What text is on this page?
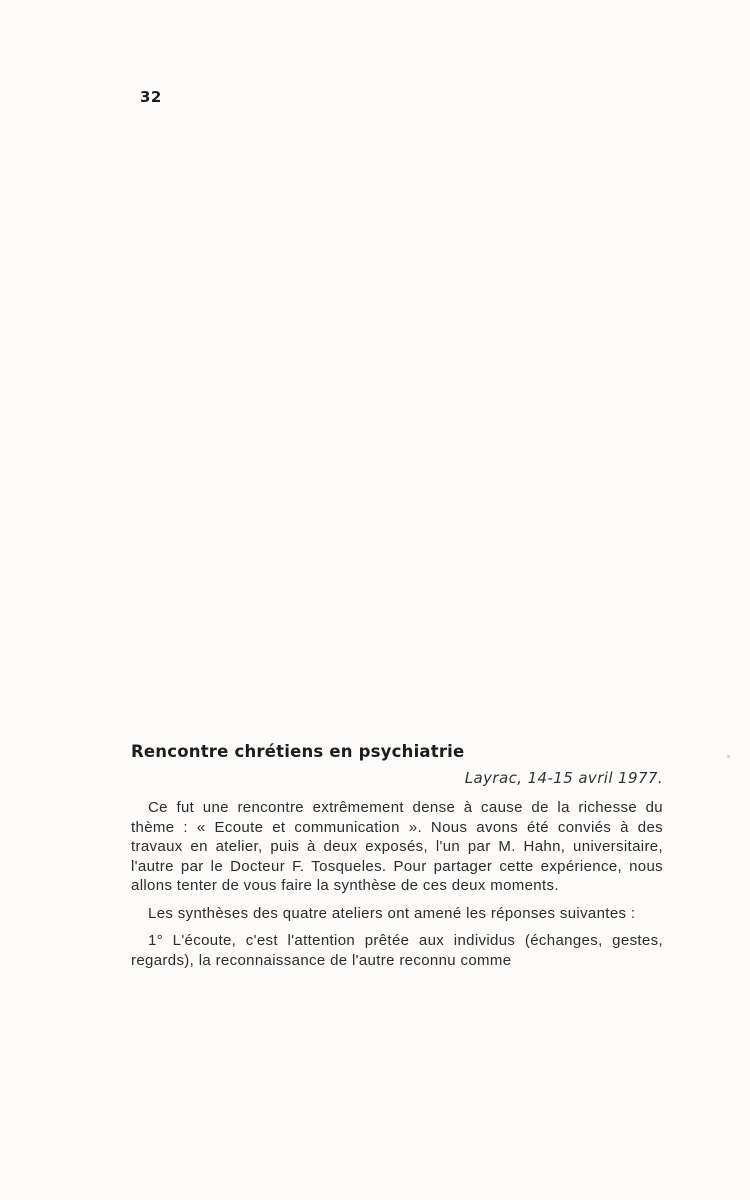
32
Rencontre chrétiens en psychiatrie

Layrac, 14-15 avril 1977.

Ce fut une rencontre extrêmement dense à cause de la richesse du thème : « Ecoute et communication ». Nous avons été conviés à des travaux en atelier, puis à deux exposés, l'un par M. Hahn, universitaire, l'autre par le Docteur F. Tosqueles. Pour partager cette expérience, nous allons tenter de vous faire la synthèse de ces deux moments.

Les synthèses des quatre ateliers ont amené les réponses suivantes :

1° L'écoute, c'est l'attention prêtée aux individus (échanges, gestes, regards), la reconnaissance de l'autre reconnu comme
